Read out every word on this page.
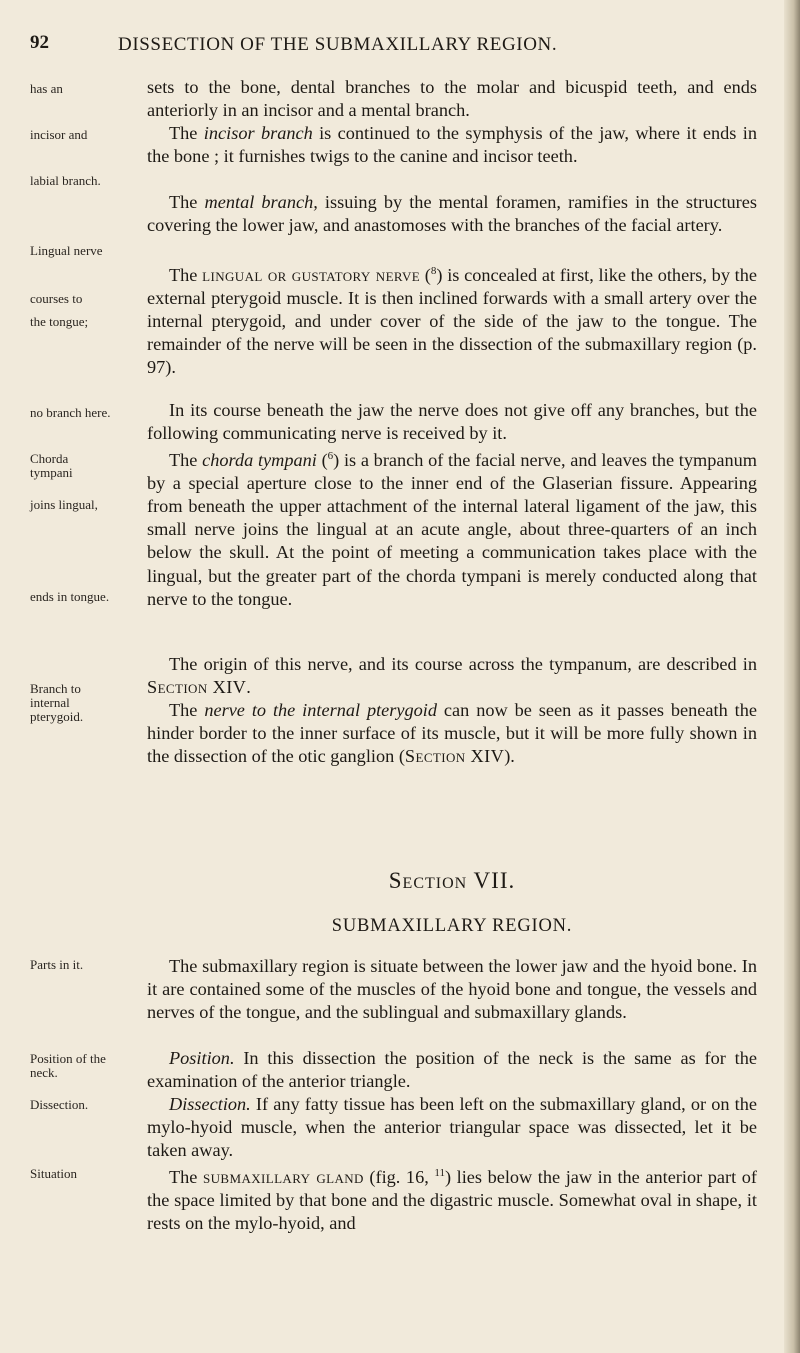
92	DISSECTION OF THE SUBMAXILLARY REGION.
has an
incisor and
labial branch.
Lingual nerve
courses to
the tongue;
no branch here.
Chorda tympani
joins lingual,
ends in tongue.
Branch to internal pterygoid.
Parts in it.
Position of the neck.
Dissection.
Situation

sets to the bone, dental branches to the molar and bicuspid teeth, and ends anteriorly in an incisor and a mental branch.

The incisor branch is continued to the symphysis of the jaw, where it ends in the bone ; it furnishes twigs to the canine and incisor teeth.

The mental branch, issuing by the mental foramen, ramifies in the structures covering the lower jaw, and anastomoses with the branches of the facial artery.

The lingual or gustatory nerve ($^8$) is concealed at first, like the others, by the external pterygoid muscle. It is then inclined forwards with a small artery over the internal pterygoid, and under cover of the side of the jaw to the tongue. The remainder of the nerve will be seen in the dissection of the submaxillary region (p. 97).

In its course beneath the jaw the nerve does not give off any branches, but the following communicating nerve is received by it.

The chorda tympani ($^6$) is a branch of the facial nerve, and leaves the tympanum by a special aperture close to the inner end of the Glaserian fissure. Appearing from beneath the upper attachment of the internal lateral ligament of the jaw, this small nerve joins the lingual at an acute angle, about three-quarters of an inch below the skull. At the point of meeting a communication takes place with the lingual, but the greater part of the chorda tympani is merely conducted along that nerve to the tongue.

The origin of this nerve, and its course across the tympanum, are described in Section XIV.

The nerve to the internal pterygoid can now be seen as it passes beneath the hinder border to the inner surface of its muscle, but it will be more fully shown in the dissection of the otic ganglion (Section XIV).

Section VII.
SUBMAXILLARY REGION.

The submaxillary region is situate between the lower jaw and the hyoid bone. In it are contained some of the muscles of the hyoid bone and tongue, the vessels and nerves of the tongue, and the sublingual and submaxillary glands.

Position. In this dissection the position of the neck is the same as for the examination of the anterior triangle.

Dissection. If any fatty tissue has been left on the submaxillary gland, or on the mylo-hyoid muscle, when the anterior triangular space was dissected, let it be taken away.

The submaxillary gland (fig. 16, $^{11}$) lies below the jaw in the anterior part of the space limited by that bone and the digastric muscle. Somewhat oval in shape, it rests on the mylo-hyoid, and
